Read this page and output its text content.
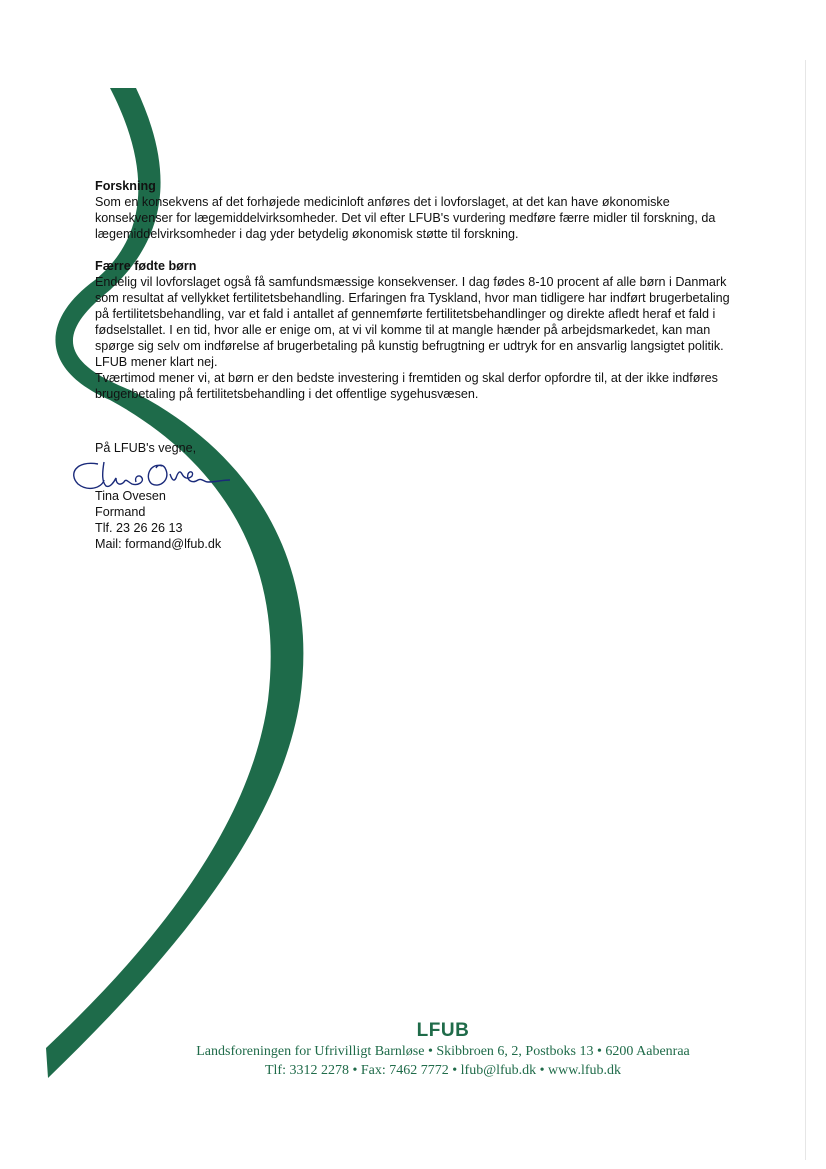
Forskning

Som en konsekvens af det forhøjede medicinloft anføres det i lovforslaget, at det kan have økonomiske konsekvenser for lægemiddelvirksomheder. Det vil efter LFUB's vurdering medføre færre midler til forskning, da lægemiddelvirksomheder i dag yder betydelig økonomisk støtte til forskning.

Færre fødte børn

Endelig vil lovforslaget også få samfundsmæssige konsekvenser. I dag fødes 8-10 procent af alle børn i Danmark som resultat af vellykket fertilitetsbehandling. Erfaringen fra Tyskland, hvor man tidligere har indført brugerbetaling på fertilitetsbehandling, var et fald i antallet af gennemførte fertilitetsbehandlinger og direkte afledt heraf et fald i fødselstallet. I en tid, hvor alle er enige om, at vi vil komme til at mangle hænder på arbejdsmarkedet, kan man spørge sig selv om indførelse af brugerbetaling på kunstig befrugtning er udtryk for en ansvarlig langsigtet politik. LFUB mener klart nej.

Tværtimod mener vi, at børn er den bedste investering i fremtiden og skal derfor opfordre til, at der ikke indføres brugerbetaling på fertilitetsbehandling i det offentlige sygehusvæsen.

På LFUB's vegne,

Tina Ovesen

Formand

Tlf. 23 26 26 13

Mail: formand@lfub.dk

LFUB
Landsforeningen for Ufrivilligt Barnløse • Skibbroen 6, 2, Postboks 13 • 6200 Aabenraa
Tlf: 3312 2278 • Fax: 7462 7772 • lfub@lfub.dk • www.lfub.dk
